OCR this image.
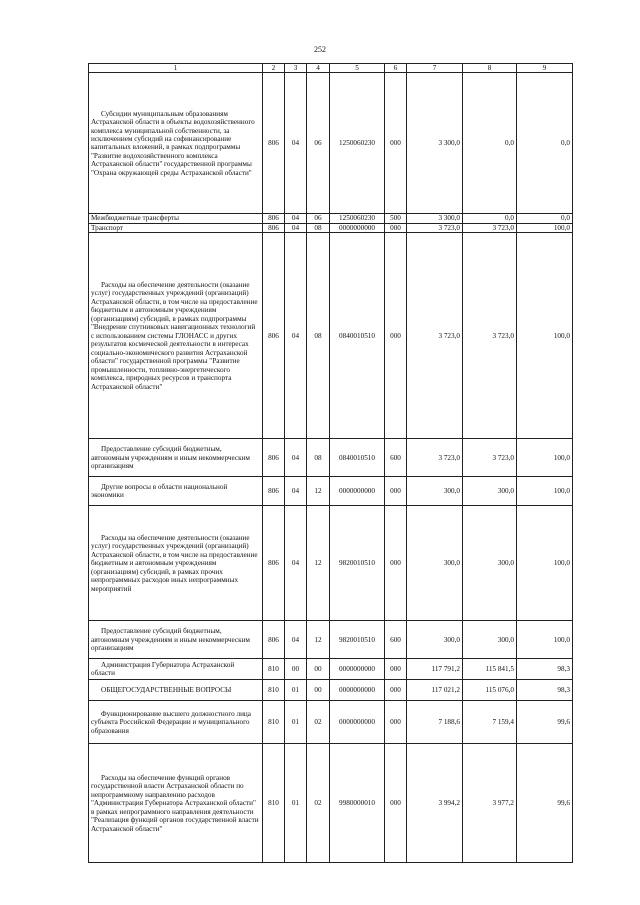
252
1	2	3	4	5	6	7	8	9
Субсидии муниципальным образованиям Астраханской области в объекты водохозяйственного комплекса муниципальной собственности, за исключением субсидий на софинансирование капитальных вложений, в рамках подпрограммы "Развитие водохозяйственного комплекса Астраханской области" государственной программы "Охрана окружающей среды Астраханской области"	806	04	06	1250060230	000	3 300,0	0,0	0,0
Межбюджетные трансферты	806	04	06	1250060230	500	3 300,0	0,0	0,0
Транспорт	806	04	08	0000000000	000	3 723,0	3 723,0	100,0
Расходы на обеспечение деятельности (оказание услуг) государственных учреждений (организаций) Астраханской области, в том числе на предоставление бюджетным и автономным учреждениям (организациям) субсидий, в рамках подпрограммы "Внедрение спутниковых навигационных технологий с использованием системы ГЛОНАСС и других результатов космической деятельности в интересах социально-экономического развития Астраханской области" государственной программы "Развитие промышленности, топливно-энергетического комплекса, природных ресурсов и транспорта Астраханской области"	806	04	08	0840010510	000	3 723,0	3 723,0	100,0
Предоставление субсидий бюджетным, автономным учреждениям и иным некоммерческим организациям	806	04	08	0840010510	600	3 723,0	3 723,0	100,0
Другие вопросы в области национальной экономики	806	04	12	0000000000	000	300,0	300,0	100,0
Расходы на обеспечение деятельности (оказание услуг) государственных учреждений (организаций) Астраханской области, в том числе на предоставление бюджетным и автономным учреждениям (организациям) субсидий, в рамках прочих непрограммных расходов иных непрограммных мероприятий	806	04	12	9820010510	000	300,0	300,0	100,0
Предоставление субсидий бюджетным, автономным учреждениям и иным некоммерческим организациям	806	04	12	9820010510	600	300,0	300,0	100,0
Администрация Губернатора Астраханской области	810	00	00	0000000000	000	117 791,2	115 841,5	98,3
ОБЩЕГОСУДАРСТВЕННЫЕ ВОПРОСЫ	810	01	00	0000000000	000	117 021,2	115 076,0	98,3
Функционирование высшего должностного лица субъекта Российской Федерации и муниципального образования	810	01	02	0000000000	000	7 188,6	7 159,4	99,6
Расходы на обеспечение функций органов государственной власти Астраханской области по непрограммному направлению расходов "Администрация Губернатора Астраханской области" в рамках непрограммного направления деятельности "Реализация функций органов государственной власти Астраханской области"	810	01	02	9980000010	000	3 994,2	3 977,2	99,6
